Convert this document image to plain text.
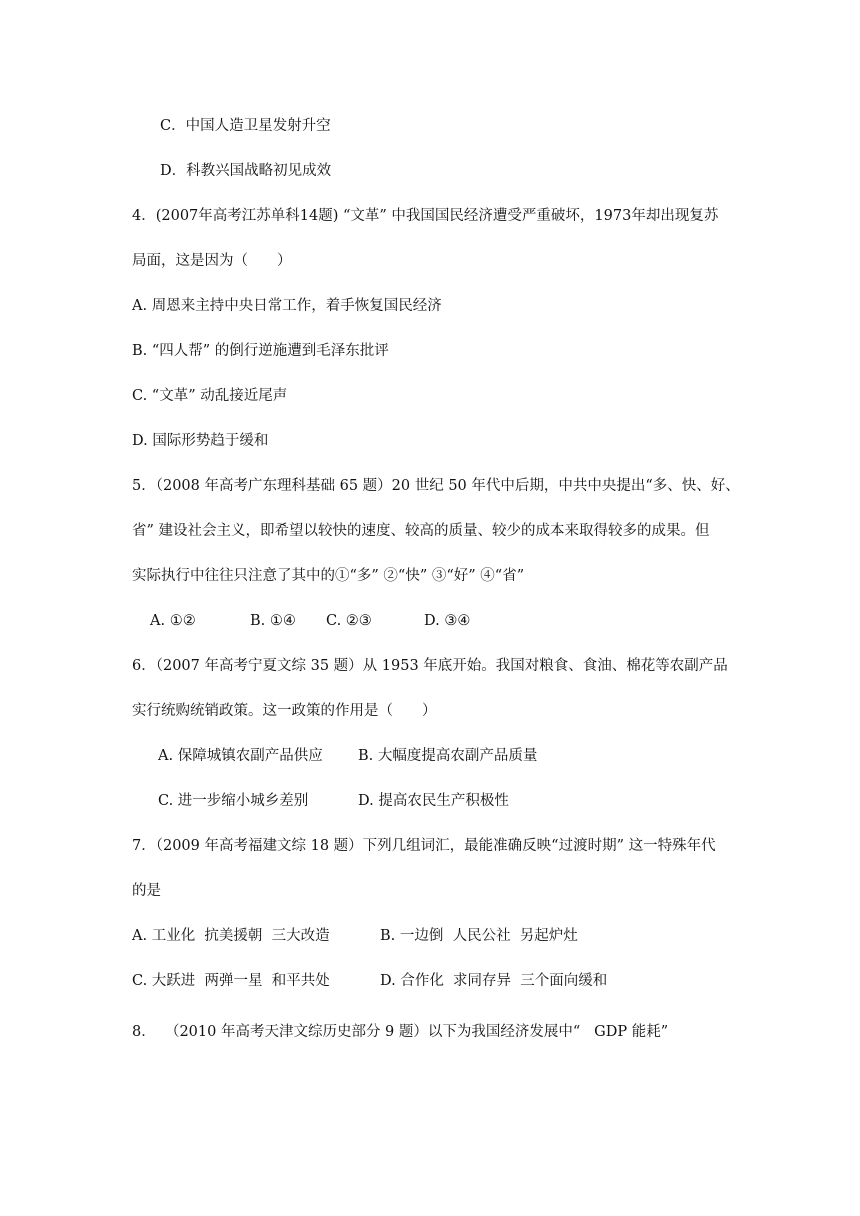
C．中国人造卫星发射升空
D．科教兴国战略初见成效
4．(2007年高考江苏单科14题) “文革” 中我国国民经济遭受严重破坏，1973年却出现复苏
局面，这是因为（　　）
A. 周恩来主持中央日常工作，着手恢复国民经济
B. “四人帮” 的倒行逆施遭到毛泽东批评
C. “文革” 动乱接近尾声
D. 国际形势趋于缓和
5．（2008 年高考广东理科基础 65 题）20 世纪 50 年代中后期，中共中央提出“多、快、好、
省” 建设社会主义，即希望以较快的速度、较高的质量、较少的成本来取得较多的成果。但
实际执行中往往只注意了其中的①“多” ②“快” ③“好” ④“省”
A. ①②	B. ①④ C. ②③	D. ③④
6．（2007 年高考宁夏文综 35 题）从 1953 年底开始。我国对粮食、食油、棉花等农副产品
实行统购统销政策。这一政策的作用是（　　）
A. 保障城镇农副产品供应 B. 大幅度提高农副产品质量
C. 进一步缩小城乡差别	D. 提高农民生产积极性
7．（2009 年高考福建文综 18 题）下列几组词汇，最能准确反映“过渡时期” 这一特殊年代
的是
A. 工业化  抗美援朝  三大改造	B. 一边倒  人民公社  另起炉灶
C. 大跃进  两弹一星  和平共处	D. 合作化  求同存异  三个面向缓和
8．  （2010 年高考天津文综历史部分 9 题）以下为我国经济发展中“   GDP 能耗”
